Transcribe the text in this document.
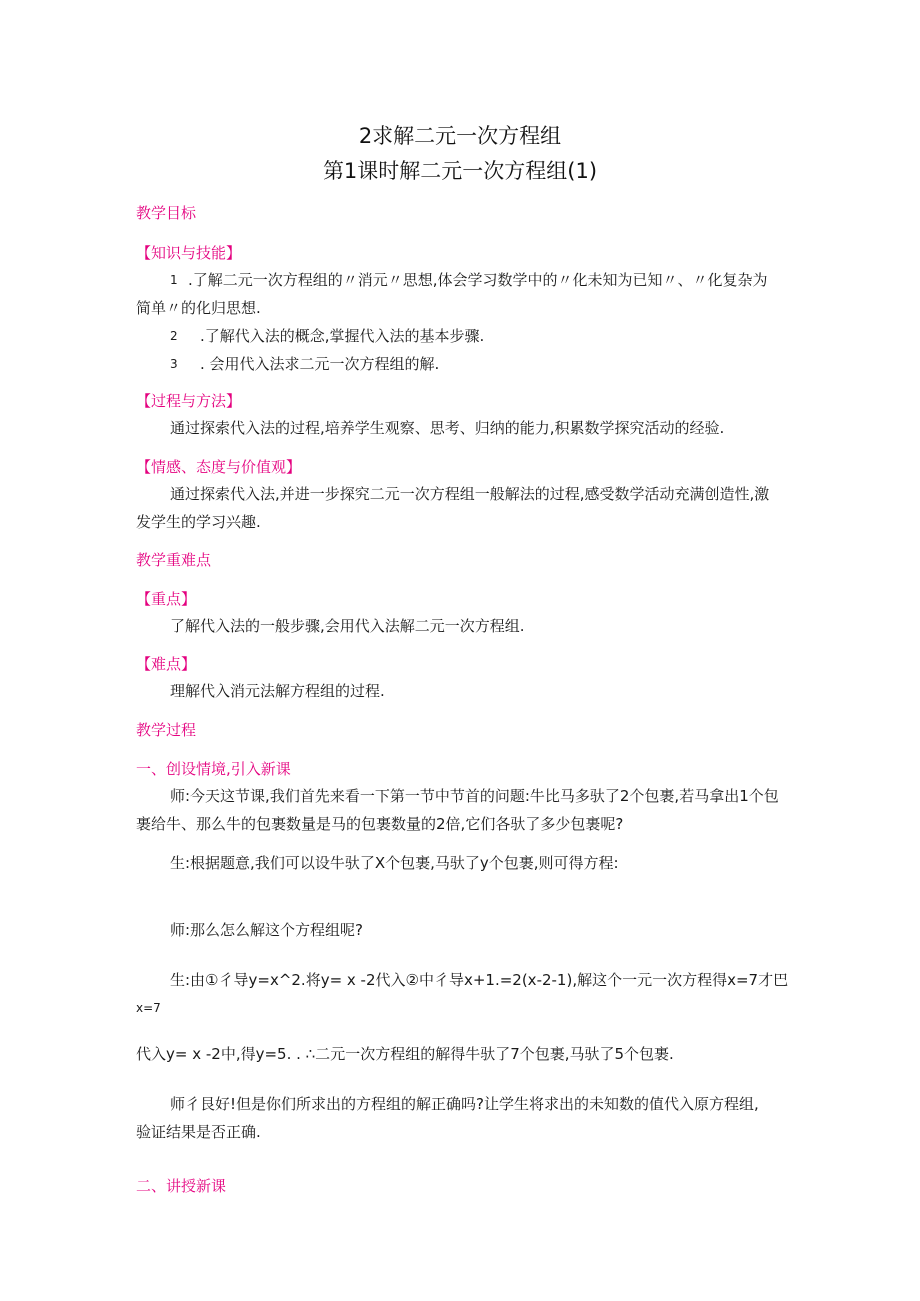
2求解二元一次方程组
第1课时解二元一次方程组(1)
教学目标
【知识与技能】
1 .了解二元一次方程组的〃消元〃思想,体会学习数学中的〃化未知为已知〃、〃化复杂为
简单〃的化归思想.
2 .了解代入法的概念,掌握代入法的基本步骤.
3 . 会用代入法求二元一次方程组的解.
【过程与方法】
通过探索代入法的过程,培养学生观察、思考、归纳的能力,积累数学探究活动的经验.
【情感、态度与价值观】
通过探索代入法,并进一步探究二元一次方程组一般解法的过程,感受数学活动充满创造性,激
发学生的学习兴趣.
教学重难点
【重点】
了解代入法的一般步骤,会用代入法解二元一次方程组.
【难点】
理解代入消元法解方程组的过程.
教学过程
一、创设情境,引入新课
师:今天这节课,我们首先来看一下第一节中节首的问题:牛比马多驮了2个包裹,若马拿出1个包
裹给牛、那么牛的包裹数量是马的包裹数量的2倍,它们各驮了多少包裹呢?
生:根据题意,我们可以设牛驮了X个包裹,马驮了y个包裹,则可得方程:
师:那么怎么解这个方程组呢?
生:由①彳导y=x^2.将y= x -2代入②中彳导x+1.=2(x-2-1),解这个一元一次方程得x=7才巴
x=7
代入y= x -2中,得y=5. . ∴二元一次方程组的解得牛驮了7个包裹,马驮了5个包裹.
师彳艮好!但是你们所求出的方程组的解正确吗?让学生将求出的未知数的值代入原方程组,
验证结果是否正确.
二、讲授新课
